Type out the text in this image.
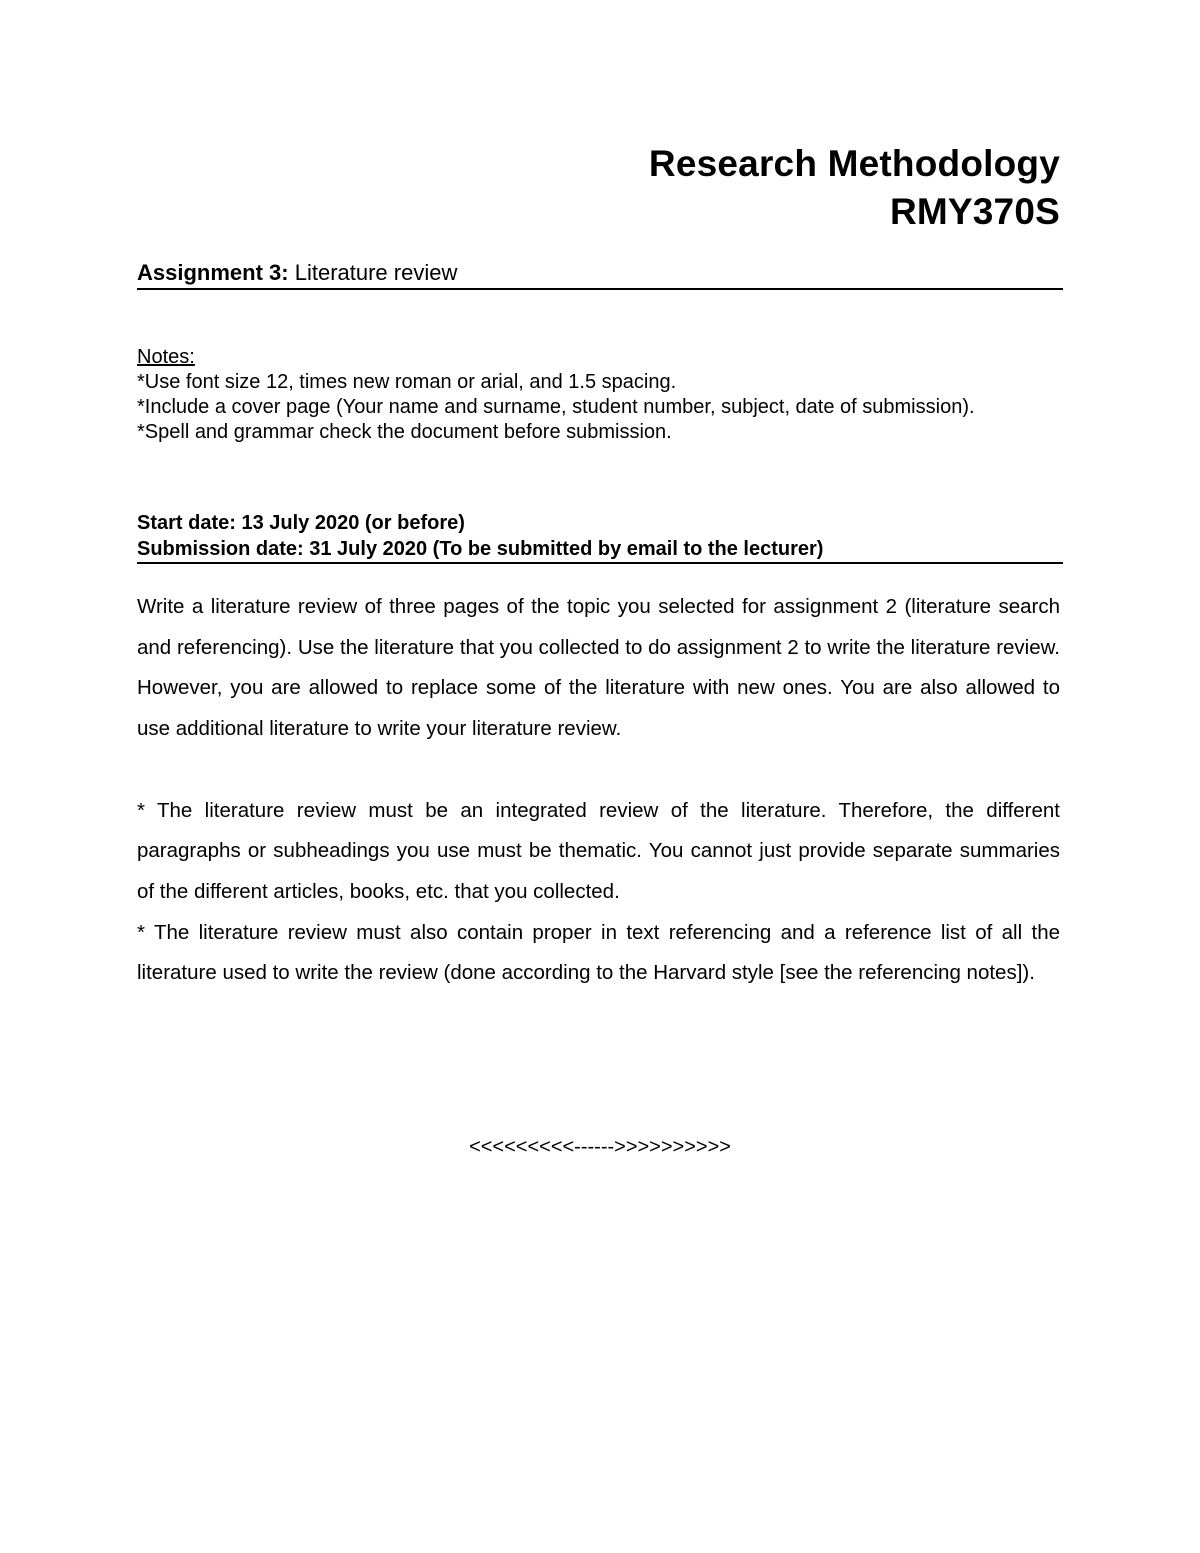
Research Methodology
RMY370S
Assignment 3: Literature review
Notes:

*Use font size 12, times new roman or arial, and 1.5 spacing.

*Include a cover page (Your name and surname, student number, subject, date of submission).

*Spell and grammar check the document before submission.

Start date: 13 July 2020 (or before)
Submission date: 31 July 2020 (To be submitted by email to the lecturer)

Write a literature review of three pages of the topic you selected for assignment 2 (literature search and referencing). Use the literature that you collected to do assignment 2 to write the literature review. However, you are allowed to replace some of the literature with new ones. You are also allowed to use additional literature to write your literature review.

* The literature review must be an integrated review of the literature. Therefore, the different paragraphs or subheadings you use must be thematic. You cannot just provide separate summaries of the different articles, books, etc. that you collected.

* The literature review must also contain proper in text referencing and a reference list of all the literature used to write the review (done according to the Harvard style [see the referencing notes]).

<<<<<<<<<------>>>>>>>>>>
